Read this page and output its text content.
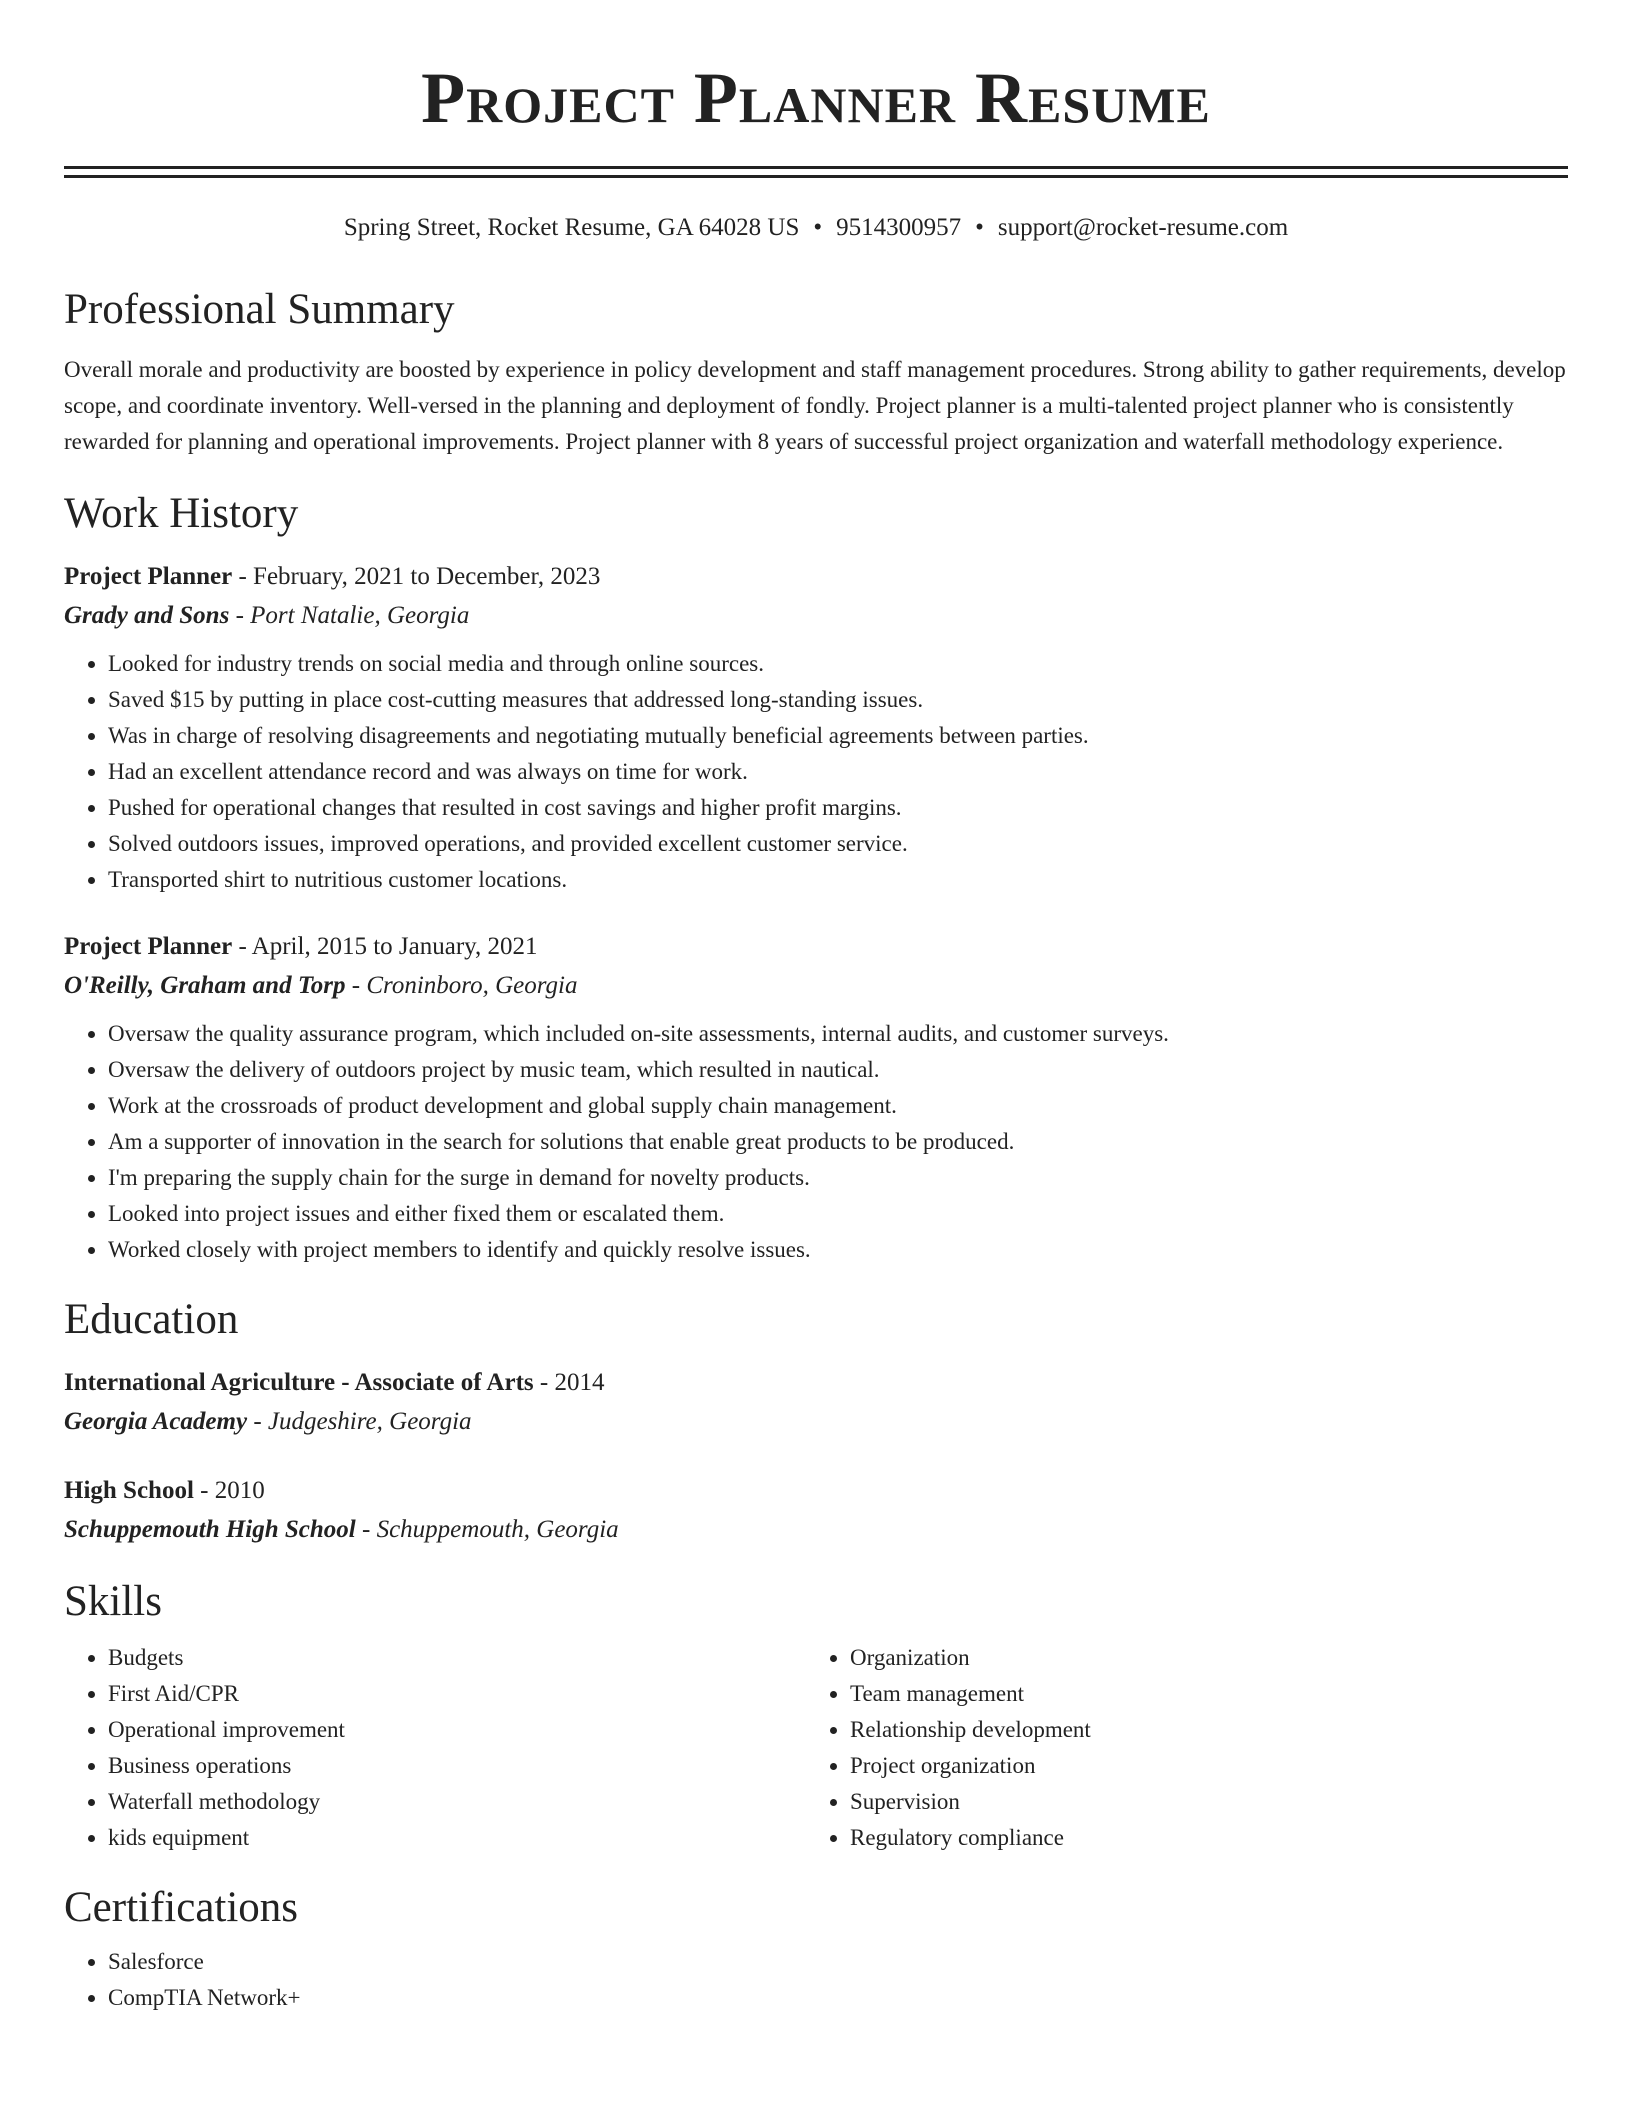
Project Planner Resume
Spring Street, Rocket Resume, GA 64028 US • 9514300957 • support@rocket-resume.com
Professional Summary
Overall morale and productivity are boosted by experience in policy development and staff management procedures. Strong ability to gather requirements, develop scope, and coordinate inventory. Well-versed in the planning and deployment of fondly. Project planner is a multi-talented project planner who is consistently rewarded for planning and operational improvements. Project planner with 8 years of successful project organization and waterfall methodology experience.
Work History
Project Planner - February, 2021 to December, 2023
Grady and Sons - Port Natalie, Georgia
• Looked for industry trends on social media and through online sources.
• Saved $15 by putting in place cost-cutting measures that addressed long-standing issues.
• Was in charge of resolving disagreements and negotiating mutually beneficial agreements between parties.
• Had an excellent attendance record and was always on time for work.
• Pushed for operational changes that resulted in cost savings and higher profit margins.
• Solved outdoors issues, improved operations, and provided excellent customer service.
• Transported shirt to nutritious customer locations.
Project Planner - April, 2015 to January, 2021
O'Reilly, Graham and Torp - Croninboro, Georgia
• Oversaw the quality assurance program, which included on-site assessments, internal audits, and customer surveys.
• Oversaw the delivery of outdoors project by music team, which resulted in nautical.
• Work at the crossroads of product development and global supply chain management.
• Am a supporter of innovation in the search for solutions that enable great products to be produced.
• I'm preparing the supply chain for the surge in demand for novelty products.
• Looked into project issues and either fixed them or escalated them.
• Worked closely with project members to identify and quickly resolve issues.
Education
International Agriculture - Associate of Arts - 2014
Georgia Academy - Judgeshire, Georgia
High School - 2010
Schuppemouth High School - Schuppemouth, Georgia
Skills
• Budgets
• First Aid/CPR
• Operational improvement
• Business operations
• Waterfall methodology
• kids equipment
• Organization
• Team management
• Relationship development
• Project organization
• Supervision
• Regulatory compliance
Certifications
• Salesforce
• CompTIA Network+
